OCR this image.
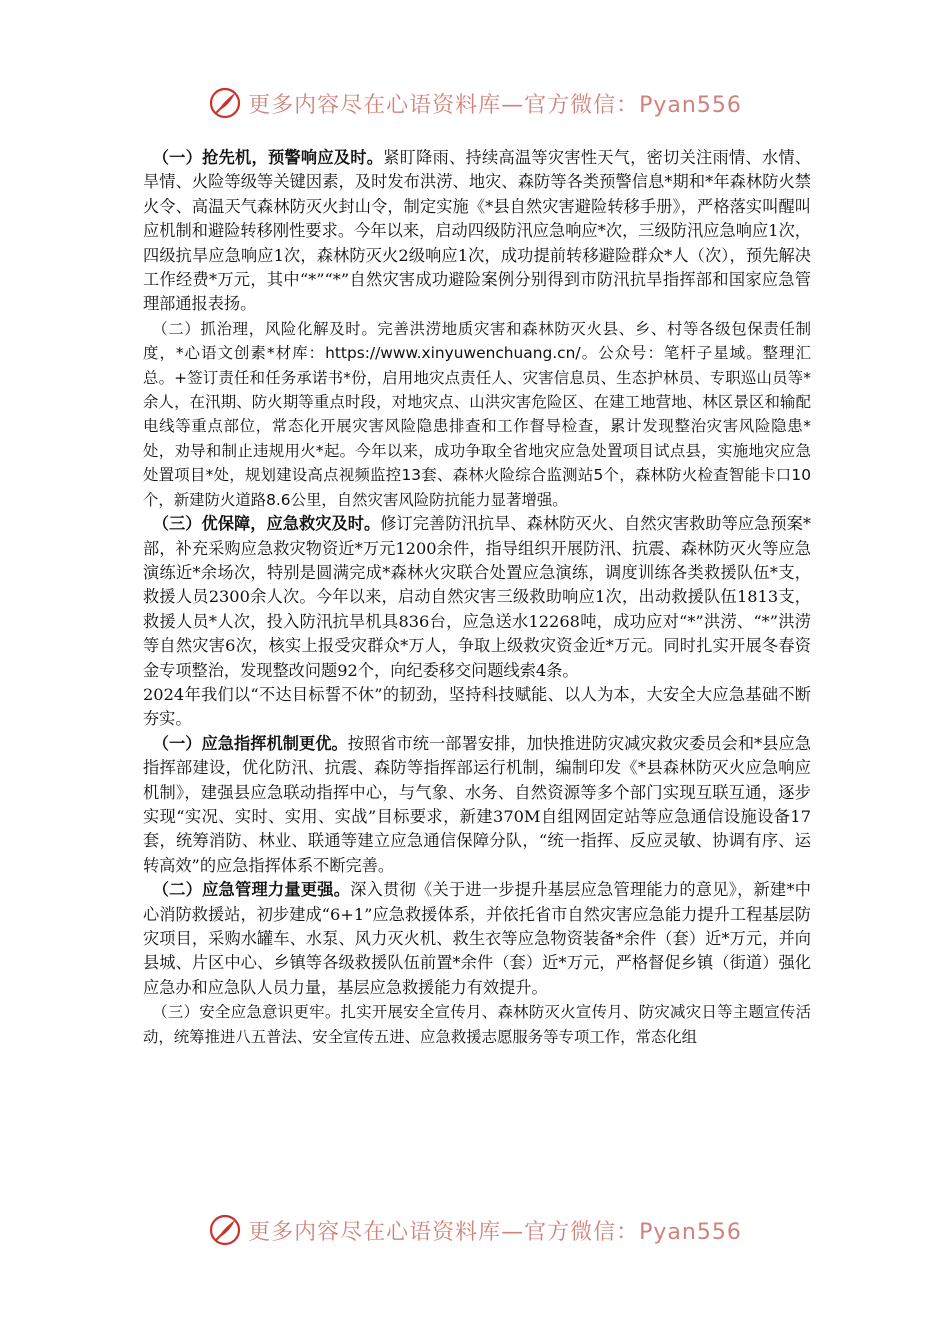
更多内容尽在心语资料库—官方微信：Pyan556

（一）抢先机，预警响应及时。紧盯降雨、持续高温等灾害性天气，密切关注雨情、水情、旱情、火险等级等关键因素，及时发布洪涝、地灾、森防等各类预警信息*期和*年森林防火禁火令、高温天气森林防灭火封山令，制定实施《*县自然灾害避险转移手册》，严格落实叫醒叫应机制和避险转移刚性要求。今年以来，启动四级防汛应急响应*次，三级防汛应急响应1次，四级抗旱应急响应1次，森林防灭火2级响应1次，成功提前转移避险群众*人（次），预先解决工作经费*万元，其中“*”“*”自然灾害成功避险案例分别得到市防汛抗旱指挥部和国家应急管理部通报表扬。

（二）抓治理，风险化解及时。完善洪涝地质灾害和森林防灭火县、乡、村等各级包保责任制度，*心语文创素*材库：https://www.xinyuwenchuang.cn/。公众号：笔杆子星域。整理汇总。+签订责任和任务承诺书*份，启用地灾点责任人、灾害信息员、生态护林员、专职巡山员等*余人，在汛期、防火期等重点时段，对地灾点、山洪灾害危险区、在建工地营地、林区景区和输配电线等重点部位，常态化开展灾害风险隐患排查和工作督导检查，累计发现整治灾害风险隐患*处，劝导和制止违规用火*起。今年以来，成功争取全省地灾应急处置项目试点县，实施地灾应急处置项目*处，规划建设高点视频监控13套、森林火险综合监测站5个，森林防火检查智能卡口10个，新建防火道路8.6公里，自然灾害风险防抗能力显著增强。

（三）优保障，应急救灾及时。修订完善防汛抗旱、森林防灭火、自然灾害救助等应急预案*部，补充采购应急救灾物资近*万元1200余件，指导组织开展防汛、抗震、森林防灭火等应急演练近*余场次，特别是圆满完成*森林火灾联合处置应急演练，调度训练各类救援队伍*支，救援人员2300余人次。今年以来，启动自然灾害三级救助响应1次，出动救援队伍1813支，救援人员*人次，投入防汛抗旱机具836台，应急送水12268吨，成功应对“*”洪涝、“*”洪涝等自然灾害6次，核实上报受灾群众*万人，争取上级救灾资金近*万元。同时扎实开展冬春资金专项整治，发现整改问题92个，向纪委移交问题线索4条。

2024年我们以“不达目标誓不休”的韧劲，坚持科技赋能、以人为本，大安全大应急基础不断夯实。

（一）应急指挥机制更优。按照省市统一部署安排，加快推进防灾减灾救灾委员会和*县应急指挥部建设，优化防汛、抗震、森防等指挥部运行机制，编制印发《*县森林防灭火应急响应机制》，建强县应急联动指挥中心，与气象、水务、自然资源等多个部门实现互联互通，逐步实现“实况、实时、实用、实战”目标要求，新建370M自组网固定站等应急通信设施设备17套，统筹消防、林业、联通等建立应急通信保障分队，“统一指挥、反应灵敏、协调有序、运转高效”的应急指挥体系不断完善。

（二）应急管理力量更强。深入贯彻《关于进一步提升基层应急管理能力的意见》，新建*中心消防救援站，初步建成“6+1”应急救援体系，并依托省市自然灾害应急能力提升工程基层防灾项目，采购水罐车、水泵、风力灭火机、救生衣等应急物资装备*余件（套）近*万元，并向县城、片区中心、乡镇等各级救援队伍前置*余件（套）近*万元，严格督促乡镇（街道）强化应急办和应急队人员力量，基层应急救援能力有效提升。

（三）安全应急意识更牢。扎实开展安全宣传月、森林防灭火宣传月、防灾减灾日等主题宣传活动，统筹推进八五普法、安全宣传五进、应急救援志愿服务等专项工作，常态化组

更多内容尽在心语资料库—官方微信：Pyan556
